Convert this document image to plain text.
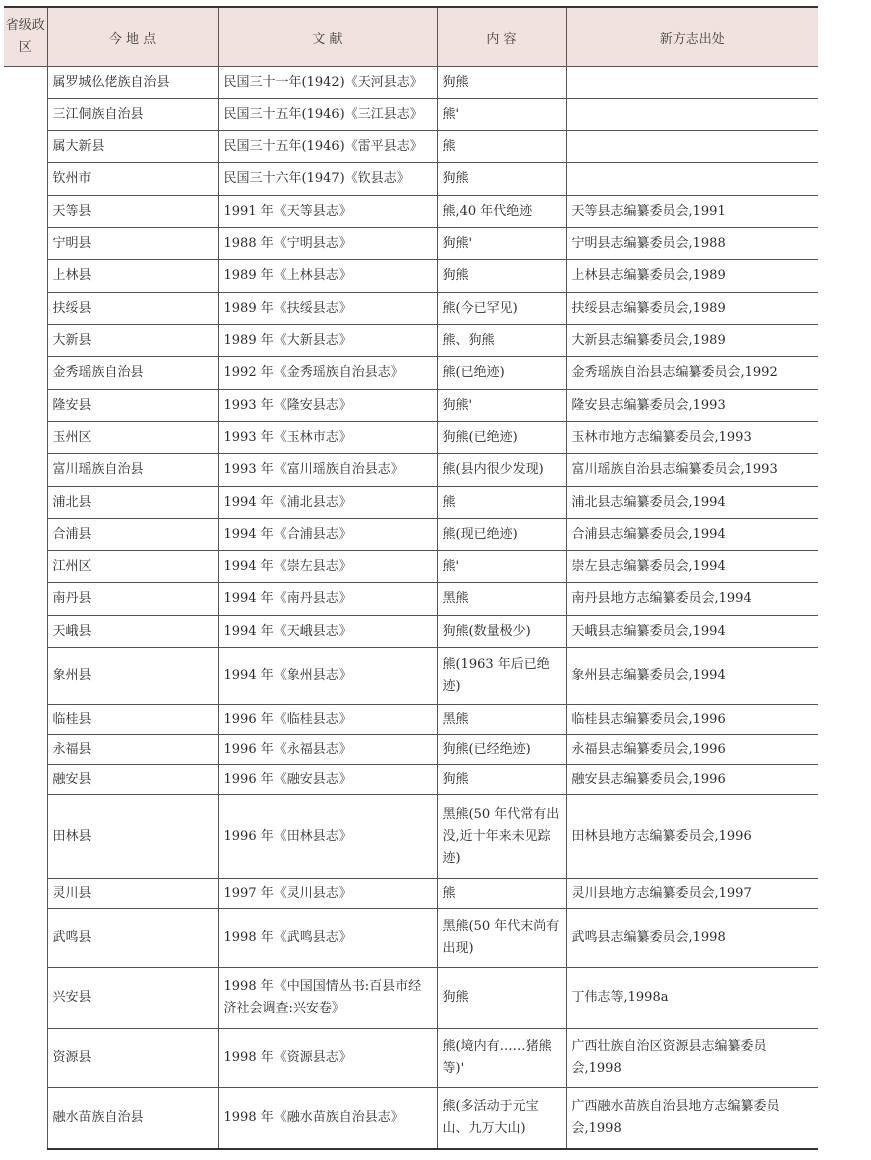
省级政区	今 地 点	文 献	内 容	新方志出处
	属罗城仫佬族自治县	民国三十一年(1942)《天河县志》	狗熊	
	三江侗族自治县	民国三十五年(1946)《三江县志》	熊'	
	属大新县	民国三十五年(1946)《雷平县志》	熊	
	钦州市	民国三十六年(1947)《钦县志》	狗熊	
	天等县	1991 年《天等县志》	熊,40 年代绝迹	天等县志编纂委员会,1991
	宁明县	1988 年《宁明县志》	狗熊'	宁明县志编纂委员会,1988
	上林县	1989 年《上林县志》	狗熊	上林县志编纂委员会,1989
	扶绥县	1989 年《扶绥县志》	熊(今已罕见)	扶绥县志编纂委员会,1989
	大新县	1989 年《大新县志》	熊、狗熊	大新县志编纂委员会,1989
	金秀瑶族自治县	1992 年《金秀瑶族自治县志》	熊(已绝迹)	金秀瑶族自治县志编纂委员会,1992
	隆安县	1993 年《隆安县志》	狗熊'	隆安县志编纂委员会,1993
	玉州区	1993 年《玉林市志》	狗熊(已绝迹)	玉林市地方志编纂委员会,1993
	富川瑶族自治县	1993 年《富川瑶族自治县志》	熊(县内很少发现)	富川瑶族自治县志编纂委员会,1993
	浦北县	1994 年《浦北县志》	熊	浦北县志编纂委员会,1994
	合浦县	1994 年《合浦县志》	熊(现已绝迹)	合浦县志编纂委员会,1994
	江州区	1994 年《崇左县志》	熊'	崇左县志编纂委员会,1994
	南丹县	1994 年《南丹县志》	黑熊	南丹县地方志编纂委员会,1994
	天峨县	1994 年《天峨县志》	狗熊(数量极少)	天峨县志编纂委员会,1994
	象州县	1994 年《象州县志》	熊(1963 年后已绝迹)	象州县志编纂委员会,1994
	临桂县	1996 年《临桂县志》	黑熊	临桂县志编纂委员会,1996
	永福县	1996 年《永福县志》	狗熊(已经绝迹)	永福县志编纂委员会,1996
	融安县	1996 年《融安县志》	狗熊	融安县志编纂委员会,1996
	田林县	1996 年《田林县志》	黑熊(50 年代常有出没,近十年来未见踪迹)	田林县地方志编纂委员会,1996
	灵川县	1997 年《灵川县志》	熊	灵川县地方志编纂委员会,1997
	武鸣县	1998 年《武鸣县志》	黑熊(50 年代末尚有出现)	武鸣县志编纂委员会,1998
	兴安县	1998 年《中国国情丛书:百县市经济社会调查:兴安卷》	狗熊	丁伟志等,1998a
	资源县	1998 年《资源县志》	熊(境内有……猪熊等)'	广西壮族自治区资源县志编纂委员会,1998
	融水苗族自治县	1998 年《融水苗族自治县志》	熊(多活动于元宝山、九万大山)	广西融水苗族自治县地方志编纂委员会,1998
